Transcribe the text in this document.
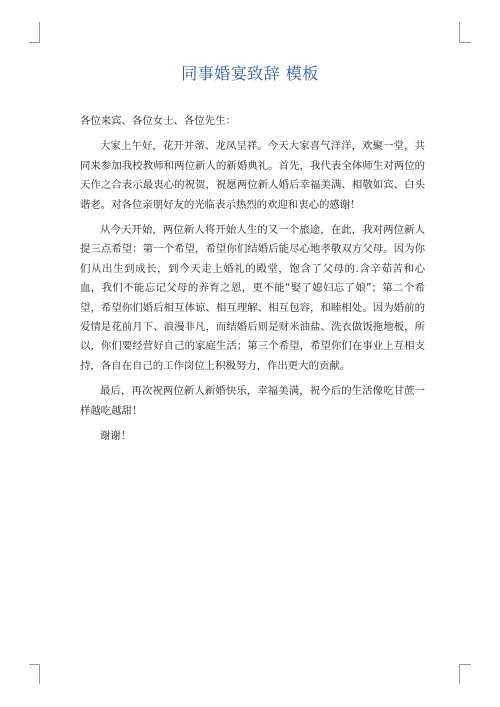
同事婚宴致辞 模板

各位来宾、各位女士、各位先生：

大家上午好，花开并蒂、龙凤呈祥。今天大家喜气洋洋，欢聚一堂，共同来参加我校教师和两位新人的新婚典礼。首先，我代表全体师生对两位的天作之合表示最衷心的祝贺，祝愿两位新人婚后幸福美满、相敬如宾、白头谐老。对各位亲朋好友的光临表示热烈的欢迎和衷心的感谢！

从今天开始，两位新人将开始人生的又一个旅途，在此，我对两位新人提三点希望：第一个希望，希望你们结婚后能尽心地孝敬双方父母。因为你们从出生到成长，到今天走上婚礼的殿堂，饱含了父母的.含辛茹苦和心血，我们不能忘记父母的养育之恩，更不能“娶了媳妇忘了娘”；第二个希望，希望你们婚后相互体谅、相互理解、相互包容，和睦相处。因为婚前的爱情是花前月下、浪漫非凡，而结婚后则是财米油盐、洗衣做饭拖地板，所以，你们要经营好自己的家庭生活；第三个希望，希望你们在事业上互相支持，各自在自己的工作岗位上积极努力，作出更大的贡献。

最后，再次祝两位新人新婚快乐，幸福美满，祝今后的生活像吃甘蔗一样越吃越甜！

谢谢！
